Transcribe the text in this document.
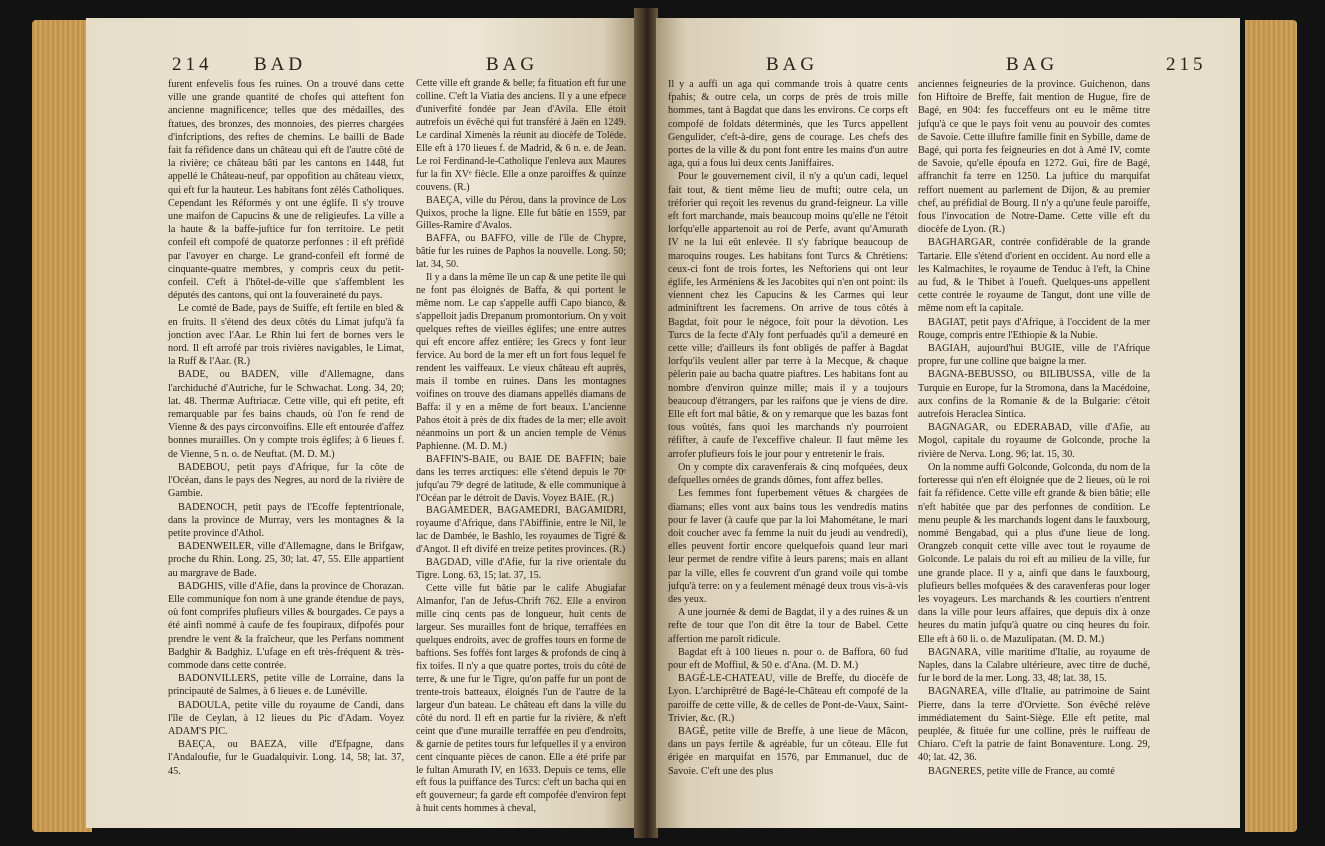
214 BAD	BAG

furent enfevelis fous fes ruines. On a trouvé dans cette ville une grande quantité de chofes qui atteftent fon ancienne magnificence; telles que des médailles, des ftatues, des bronzes, des monnoies, des pierres chargées d'infcriptions, des reftes de chemins. Le bailli de Bade fait fa réfidence dans un château qui eft de l'autre côté de la rivière; ce château bâti par les cantons en 1448, fut appellé le Château-neuf, par oppofition au château vieux, qui eft fur la hauteur. Les habitans font zélés Catholiques. Cependant les Réformés y ont une églife. Il s'y trouve une maifon de Capucins & une de religieufes. La ville a la haute & la baffe-juftice fur fon territoire. Le petit confeil eft compofé de quatorze perfonnes : il eft préfidé par l'avoyer en charge. Le grand-confeil eft formé de cinquante-quatre membres, y compris ceux du petit-confeil. C'eft à l'hôtel-de-ville que s'affemblent les députés des cantons, qui ont la fouveraineté du pays.

Le comté de Bade, pays de Suiffe, eft fertile en bled & en fruits. Il s'étend des deux côtés du Limat jufqu'à fa jonction avec l'Aar. Le Rhin lui fert de bornes vers le nord. Il eft arrofé par trois rivières navigables, le Limat, la Ruff & l'Aar. (R.)

BADE, ou BADEN, ville d'Allemagne, dans l'archiduché d'Autriche, fur le Schwachat. Long. 34, 20; lat. 48. Thermæ Auftriacæ. Cette ville, qui eft petite, eft remarquable par fes bains chauds, où l'on fe rend de Vienne & des pays circonvoifins. Elle eft entourée d'affez bonnes murailles. On y compte trois églifes; à 6 lieues f. de Vienne, 5 n. o. de Neuftat. (M. D. M.)

BADEBOU, petit pays d'Afrique, fur la côte de l'Océan, dans le pays des Negres, au nord de la rivière de Gambie.

BADENOCH, petit pays de l'Ecoffe feptentrionale, dans la province de Murray, vers les montagnes & la petite province d'Athol.

BADENWEILER, ville d'Allemagne, dans le Brifgaw, proche du Rhin. Long. 25, 30; lat. 47, 55. Elle appartient au margrave de Bade.

BADGHIS, ville d'Afie, dans la province de Chorazan. Elle communique fon nom à une grande étendue de pays, où font comprifes plufieurs villes & bourgades. Ce pays a été ainfi nommé à caufe de fes foupiraux, difpofés pour prendre le vent & la fraîcheur, que les Perfans nomment Badghir & Badghiz. L'ufage en eft très-fréquent & très-commode dans cette contrée.

BADONVILLERS, petite ville de Lorraine, dans la principauté de Salmes, à 6 lieues e. de Lunéville.

BADOULA, petite ville du royaume de Candi, dans l'île de Ceylan, à 12 lieues du Pic d'Adam. Voyez ADAM'S PIC.

BAEÇA, ou BAEZA, ville d'Efpagne, dans l'Andaloufie, fur le Guadalquivir. Long. 14, 58; lat. 37, 45.

Cette ville eft grande & belle; fa fituation eft fur une colline. C'eft la Viatia des anciens. Il y a une efpece d'univerfité fondée par Jean d'Avila. Elle étoit autrefois un évêché qui fut transféré à Jaën en 1249. Le cardinal Ximenès la réunit au diocèfe de Tolède. Elle eft à 170 lieues f. de Madrid, & 6 n. e. de Jean. Le roi Ferdinand-le-Catholique l'enleva aux Maures fur la fin XVᵉ fiècle. Elle a onze paroiffes & quinze couvens. (R.)

BAEÇA, ville du Pérou, dans la province de Los Quixos, proche la ligne. Elle fut bâtie en 1559, par Gilles-Ramire d'Avalos.

BAFFA, ou BAFFO, ville de l'île de Chypre, bâtie fur les ruines de Paphos la nouvelle. Long. 50; lat. 34, 50.

Il y a dans la même île un cap & une petite île qui ne font pas éloignés de Baffa, & qui portent le même nom. Le cap s'appelle auffi Capo bianco, & s'appelloit jadis Drepanum promontorium. On y voit quelques reftes de vieilles églifes; une entre autres qui eft encore affez entière; les Grecs y font leur fervice. Au bord de la mer eft un fort fous lequel fe rendent les vaiffeaux. Le vieux château eft auprès, mais il tombe en ruines. Dans les montagnes voifines on trouve des diamans appellés diamans de Baffa: il y en a même de fort beaux. L'ancienne Pahos étoit à près de dix ftades de la mer; elle avoit néanmoins un port & un ancien temple de Vénus Paphienne. (M. D. M.)

BAFFIN'S-BAIE, ou BAIE DE BAFFIN; baie dans les terres arctiques: elle s'étend depuis le 70ᵉ jufqu'au 79ᵉ degré de latitude, & elle communique à l'Océan par le détroit de Davis. Voyez BAIE. (R.)

BAGAMEDER, BAGAMEDRI, BAGAMIDRI, royaume d'Afrique, dans l'Abiffinie, entre le Nil, le lac de Dambée, le Bashlo, les royaumes de Tigré & d'Angot. Il eft divifé en treize petites provinces. (R.)

BAGDAD, ville d'Afie, fur la rive orientale du Tigre. Long. 63, 15; lat. 37, 15.

Cette ville fut bâtie par le calife Abugiafar Almanfor, l'an de Jefus-Chrift 762. Elle a environ mille cinq cents pas de longueur, huit cents de largeur. Ses murailles font de brique, terraffées en quelques endroits, avec de groffes tours en forme de baftions. Ses foffés font larges & profonds de cinq à fix toifes. Il n'y a que quatre portes, trois du côté de terre, & une fur le Tigre, qu'on paffe fur un pont de trente-trois batteaux, éloignés l'un de l'autre de la largeur d'un bateau. Le château eft dans la ville du côté du nord. Il eft en partie fur la rivière, & n'eft ceint que d'une muraille terraffée en peu d'endroits, & garnie de petites tours fur lefquelles il y a environ cent cinquante pièces de canon. Elle a été prife par le fultan Amurath IV, en 1633. Depuis ce tems, elle eft fous la puiffance des Turcs: c'eft un bacha qui en eft gouverneur; fa garde eft compofée d'environ fept à huit cents hommes à cheval,

BAG	BAG	215

Il y a auffi un aga qui commande trois à quatre cents fpahis; & outre cela, un corps de près de trois mille hommes, tant à Bagdat que dans les environs. Ce corps eft compofé de foldats déterminés, que les Turcs appellent Gengulider, c'eft-à-dire, gens de courage. Les chefs des portes de la ville & du pont font entre les mains d'un autre aga, qui a fous lui deux cents Janiffaires.

Pour le gouvernement civil, il n'y a qu'un cadi, lequel fait tout, & tient même lieu de mufti; outre cela, un tréforier qui reçoit les revenus du grand-feigneur. La ville eft fort marchande, mais beaucoup moins qu'elle ne l'étoit lorfqu'elle appartenoit au roi de Perfe, avant qu'Amurath IV ne la lui eût enlevée. Il s'y fabrique beaucoup de maroquins rouges. Les habitans font Turcs & Chrétiens: ceux-ci font de trois fortes, les Neftoriens qui ont leur églife, les Arméniens & les Jacobites qui n'en ont point: ils viennent chez les Capucins & les Carmes qui leur adminiftrent les facremens. On arrive de tous côtés à Bagdat, foit pour le négoce, foit pour la dévotion. Les Turcs de la fecte d'Aly font perfuadés qu'il a demeuré en cette ville; d'ailleurs ils font obligés de paffer à Bagdat lorfqu'ils veulent aller par terre à la Mecque, & chaque pèlerin paie au bacha quatre piaftres. Les habitans font au nombre d'environ quinze mille; mais il y a toujours beaucoup d'étrangers, par les raifons que je viens de dire. Elle eft fort mal bâtie, & on y remarque que les bazas font tous voûtés, fans quoi les marchands n'y pourroient réfifter, à caufe de l'exceffive chaleur. Il faut même les arrofer plufieurs fois le jour pour y entretenir le frais.

On y compte dix caravenferais & cinq mofquées, deux defquelles ornées de grands dômes, font affez belles.

Les femmes font fuperbement vêtues & chargées de diamans; elles vont aux bains tous les vendredis matins pour fe laver (à caufe que par la loi Mahométane, le mari doit coucher avec fa femme la nuit du jeudi au vendredi), elles peuvent fortir encore quelquefois quand leur mari leur permet de rendre vifite à leurs parens; mais en allant par la ville, elles fe couvrent d'un grand voile qui tombe jufqu'à terre: on y a feulement ménagé deux trous vis-à-vis des yeux.

A une journée & demi de Bagdat, il y a des ruines & un refte de tour que l'on dit être la tour de Babel. Cette affertion me paroît ridicule.

Bagdat eft à 100 lieues n. pour o. de Baffora, 60 fud pour eft de Moffiul, & 50 e. d'Ana. (M. D. M.)

BAGÉ-LE-CHATEAU, ville de Breffe, du diocèfe de Lyon. L'archiprêtré de Bagé-le-Château eft compofé de la paroiffe de cette ville, & de celles de Pont-de-Vaux, Saint-Trivier, &c. (R.)

BAGÉ, petite ville de Breffe, à une lieue de Mâcon, dans un pays fertile & agréable, fur un côteau. Elle fut érigée en marquifat en 1576, par Emmanuel, duc de Savoie. C'eft une des plus

anciennes feigneuries de la province. Guichenon, dans fon Hiftoire de Breffe, fait mention de Hugue, fire de Bagé, en 904: fes fucceffeurs ont eu le même titre jufqu'à ce que le pays foit venu au pouvoir des comtes de Savoie. Cette illuftre famille finit en Sybille, dame de Bagé, qui porta fes feigneuries en dot à Amé IV, comte de Savoie, qu'elle époufa en 1272. Gui, fire de Bagé, affranchit fa terre en 1250. La juftice du marquifat reffort nuement au parlement de Dijon, & au premier chef, au préfidial de Bourg. Il n'y a qu'une feule paroiffe, fous l'invocation de Notre-Dame. Cette ville eft du diocèfe de Lyon. (R.)

BAGHARGAR, contrée confidérable de la grande Tartarie. Elle s'étend d'orient en occident. Au nord elle a les Kalmachites, le royaume de Tenduc à l'eft, la Chine au fud, & le Thibet à l'oueft. Quelques-uns appellent cette contrée le royaume de Tangut, dont une ville de même nom eft la capitale.

BAGIAT, petit pays d'Afrique, à l'occident de la mer Rouge, compris entre l'Ethiopie & la Nubie.

BAGIAH, aujourd'hui BUGIE, ville de l'Afrique propre, fur une colline que baigne la mer.

BAGNA-BEBUSSO, ou BILIBUSSA, ville de la Turquie en Europe, fur la Stromona, dans la Macédoine, aux confins de la Romanie & de la Bulgarie: c'étoit autrefois Heraclea Sintica.

BAGNAGAR, ou EDERABAD, ville d'Afie, au Mogol, capitale du royaume de Golconde, proche la rivière de Nerva. Long. 96; lat. 15, 30.

On la nomme auffi Golconde, Golconda, du nom de la forteresse qui n'en eft éloignée que de 2 lieues, où le roi fait fa réfidence. Cette ville eft grande & bien bâtie; elle n'eft habitée que par des perfonnes de condition. Le menu peuple & les marchands logent dans le fauxbourg, nommé Bengabad, qui a plus d'une lieue de long. Orangzeb conquit cette ville avec tout le royaume de Golconde. Le palais du roi eft au milieu de la ville, fur une grande place. Il y a, ainfi que dans le fauxbourg, plufieurs belles mofquées & des caravenferas pour loger les voyageurs. Les marchands & les courtiers n'entrent dans la ville pour leurs affaires, que depuis dix à onze heures du matin jufqu'à quatre ou cinq heures du foir. Elle eft à 60 li. o. de Mazulipatan. (M. D. M.)

BAGNARA, ville maritime d'Italie, au royaume de Naples, dans la Calabre ultérieure, avec titre de duché, fur le bord de la mer. Long. 33, 48; lat. 38, 15.

BAGNAREA, ville d'Italie, au patrimoine de Saint Pierre, dans la terre d'Orviette. Son évêché relève immédiatement du Saint-Siège. Elle eft petite, mal peuplée, & fituée fur une colline, près le ruiffeau de Chiaro. C'eft la patrie de faint Bonaventure. Long. 29, 40; lat. 42, 36.

BAGNERES, petite ville de France, au comté
